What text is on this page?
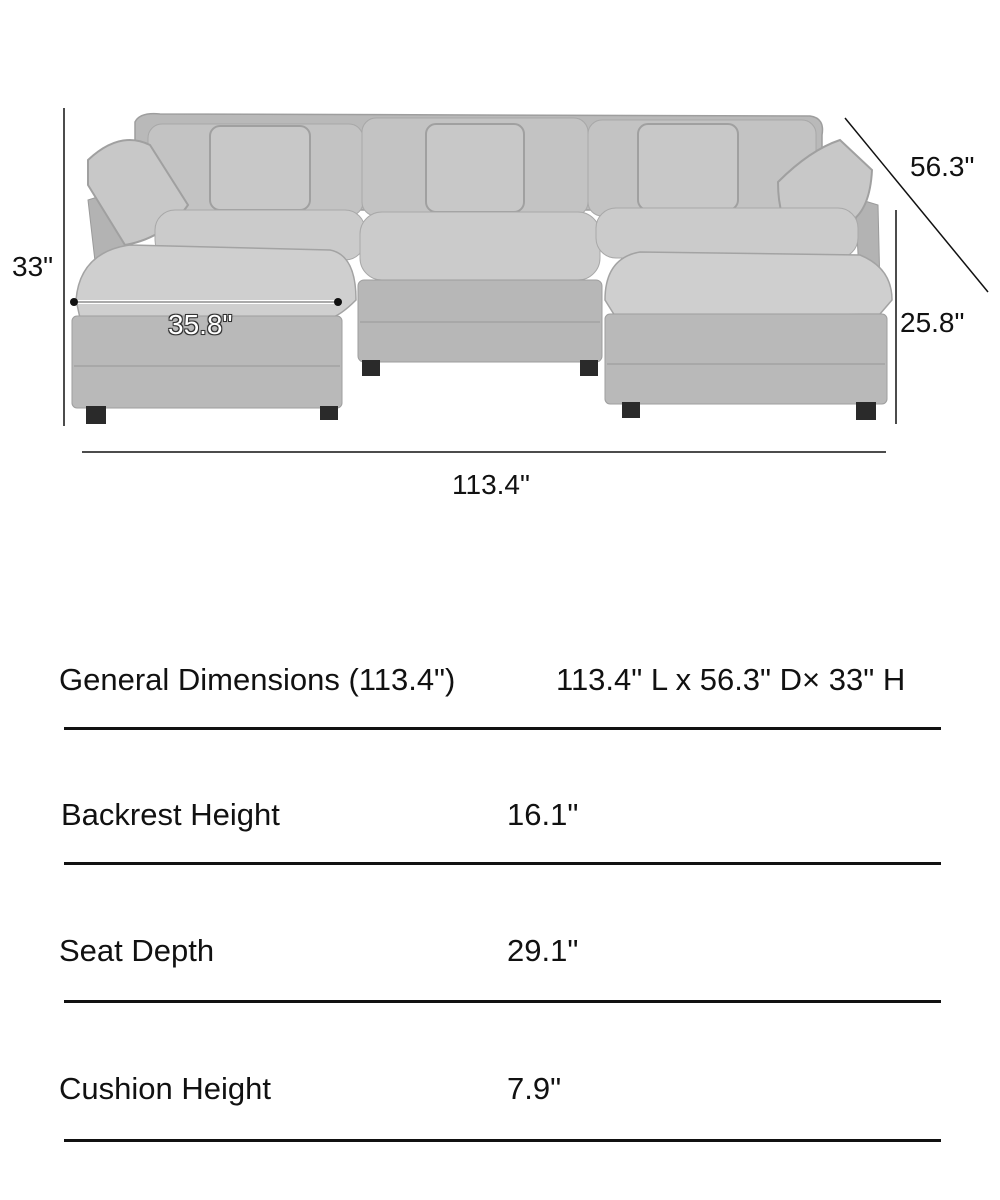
33"
56.3"
25.8"
113.4"
35.8"
General Dimensions (113.4")	113.4" L x 56.3" D× 33" H
Backrest Height	16.1"
Seat Depth	29.1"
Cushion Height	7.9"
